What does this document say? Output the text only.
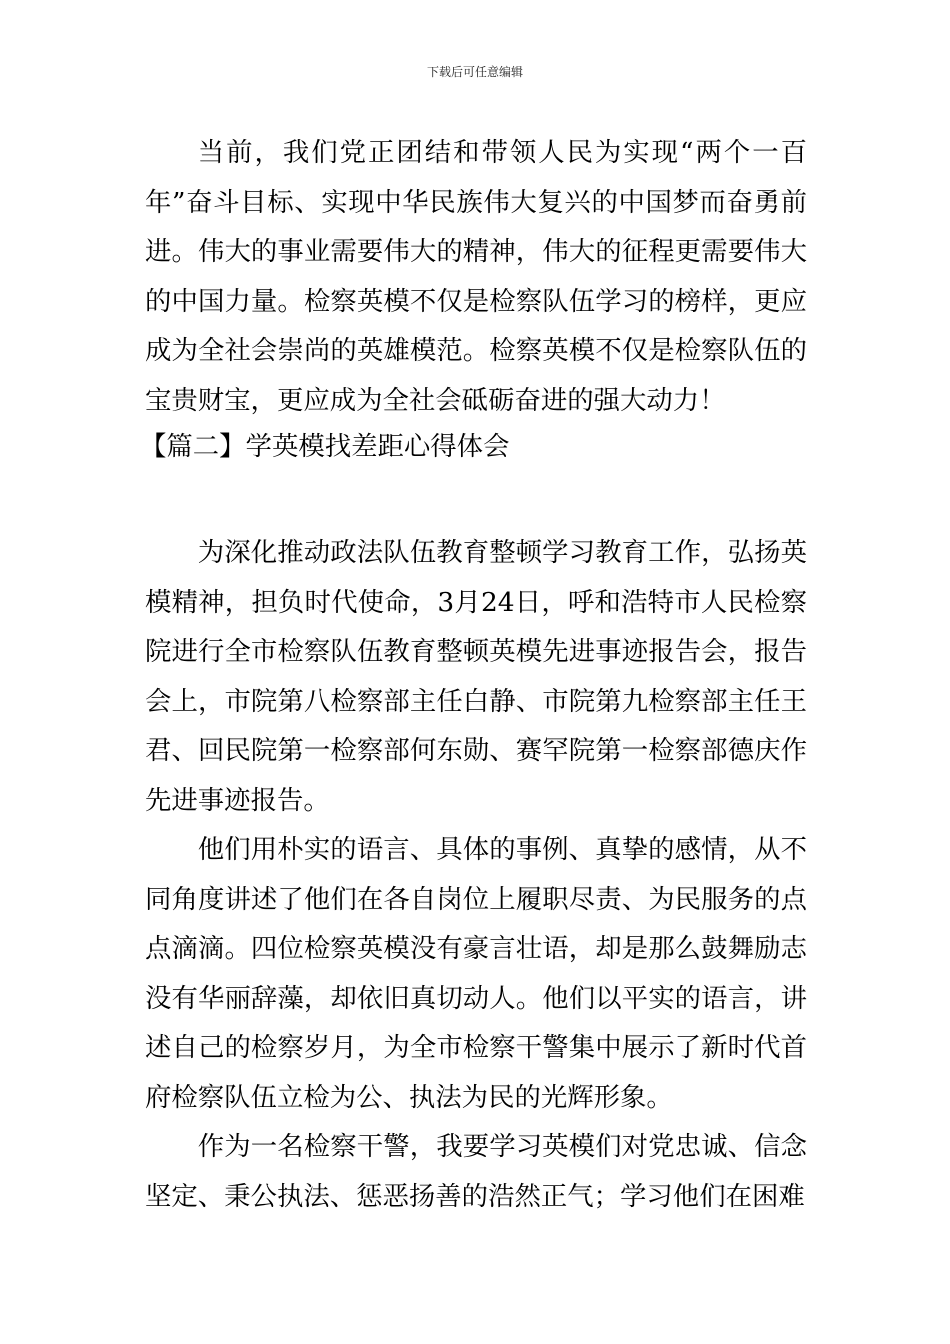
下载后可任意编辑

当前，我们党正团结和带领人民为实现“两个一百年”奋斗目标、实现中华民族伟大复兴的中国梦而奋勇前进。伟大的事业需要伟大的精神，伟大的征程更需要伟大的中国力量。检察英模不仅是检察队伍学习的榜样，更应成为全社会崇尚的英雄模范。检察英模不仅是检察队伍的宝贵财宝，更应成为全社会砥砺奋进的强大动力！

【篇二】学英模找差距心得体会

为深化推动政法队伍教育整顿学习教育工作，弘扬英模精神，担负时代使命，3月24日，呼和浩特市人民检察院进行全市检察队伍教育整顿英模先进事迹报告会，报告会上，市院第八检察部主任白静、市院第九检察部主任王君、回民院第一检察部何东勋、赛罕院第一检察部德庆作先进事迹报告。

他们用朴实的语言、具体的事例、真挚的感情，从不同角度讲述了他们在各自岗位上履职尽责、为民服务的点点滴滴。四位检察英模没有豪言壮语，却是那么鼓舞励志没有华丽辞藻，却依旧真切动人。他们以平实的语言，讲述自己的检察岁月，为全市检察干警集中展示了新时代首府检察队伍立检为公、执法为民的光辉形象。

作为一名检察干警，我要学习英模们对党忠诚、信念坚定、秉公执法、惩恶扬善的浩然正气；学习他们在困难
